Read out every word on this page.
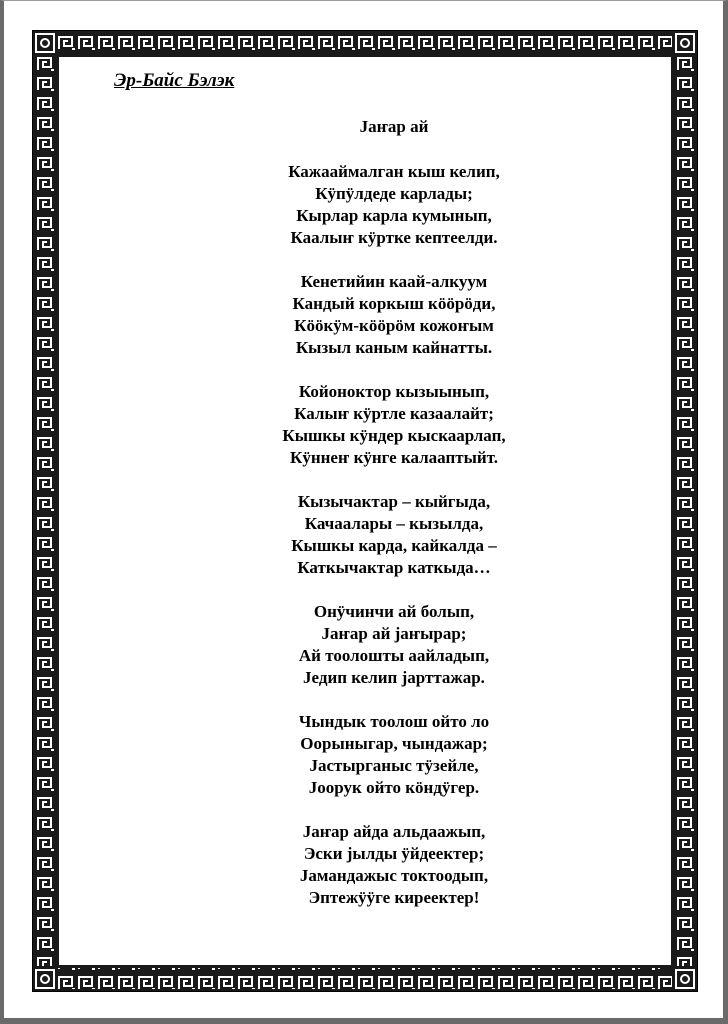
Эр-Байс Бэлэк
Јаҥар ай
Кажааймалган кыш келип,
Кӱпӱлдеде карлады;
Кырлар карла кумынып,
Каалыҥ кӱртке кептеелди.
Кенетийин каай-алкуум
Кандый коркыш кӧӧрӧди,
Кӧӧкӱм-кӧӧрӧм кожоҥым
Кызыл каным кайнатты.
Койоноктор кызыынып,
Калыҥ кӱртле казаалайт;
Кышкы кӱндер кыскаарлап,
Кӱннеҥ кӱнге калааптыйт.
Кызычактар – кыйгыда,
Качаалары – кызылда,
Кышкы карда, кайкалда –
Каткычактар каткыда…
Онӱчинчи ай болып,
Јаҥар ай јаҥырар;
Ай тоолошты аайладып,
Једип келип јарттажар.
Чындык тоолош ойто ло
Оорыныгар, чындажар;
Јастырганыс тӱзейле,
Јоорук ойто кӧндӱгер.
Јаҥар айда альдаажып,
Эски јылды ӱйдеектер;
Јамандажыс токтоодып,
Эптежӱӱге киреектер!
